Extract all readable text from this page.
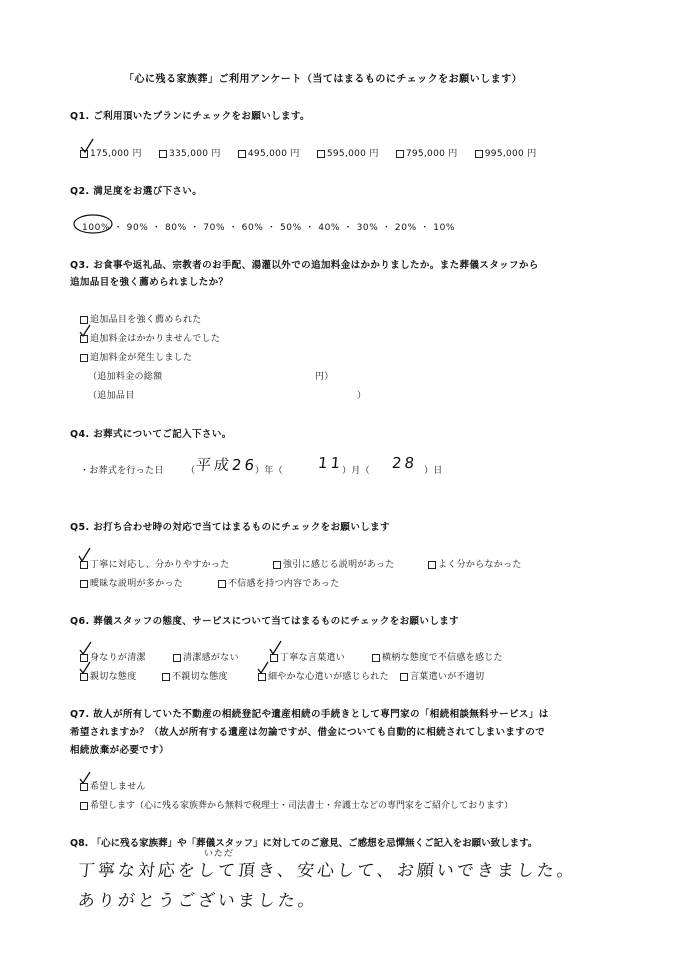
「心に残る家族葬」ご利用アンケート（当てはまるものにチェックをお願いします）
Q1. ご利用頂いたプランにチェックをお願いします。
175,000 円	335,000 円	495,000 円	595,000 円	795,000 円	995,000 円
Q2. 満足度をお選び下さい。
100% ・ 90% ・ 80% ・ 70% ・ 60% ・ 50% ・ 40% ・ 30% ・ 20% ・ 10%
Q3. お食事や返礼品、宗教者のお手配、湯灌以外での追加料金はかかりましたか。また葬儀スタッフから
追加品目を強く薦められましたか？
追加品目を強く薦められた
追加料金はかかりませんでした
追加料金が発生しました
（追加料金の総額	円）
（追加品目	）
Q4. お葬式についてご記入下さい。
・お葬式を行った日 （ 平成26
）年（ 11
）月（ 28 ）日
Q5. お打ち合わせ時の対応で当てはまるものにチェックをお願いします
丁寧に対応し、分かりやすかった	強引に感じる説明があった	よく分からなかった
曖昧な説明が多かった	不信感を持つ内容であった
Q6. 葬儀スタッフの態度、サービスについて当てはまるものにチェックをお願いします
身なりが清潔	清潔感がない	丁寧な言葉遣い	横柄な態度で不信感を感じた
親切な態度	不親切な態度	細やかな心遣いが感じられた	言葉遣いが不適切
Q7. 故人が所有していた不動産の相続登記や遺産相続の手続きとして専門家の「相続相談無料サービス」は
希望されますか？（故人が所有する遺産は勿論ですが、借金についても自動的に相続されてしまいますので
相続放棄が必要です）
希望しません
希望します（心に残る家族葬から無料で税理士・司法書士・弁護士などの専門家をご紹介しております）
Q8. 「心に残る家族葬」や「葬儀スタッフ」に対してのご意見、ご感想を忌憚無くご記入をお願い致します。
いただ
丁寧な対応をして頂き、安心して、お願いできました。
ありがとうございました。
